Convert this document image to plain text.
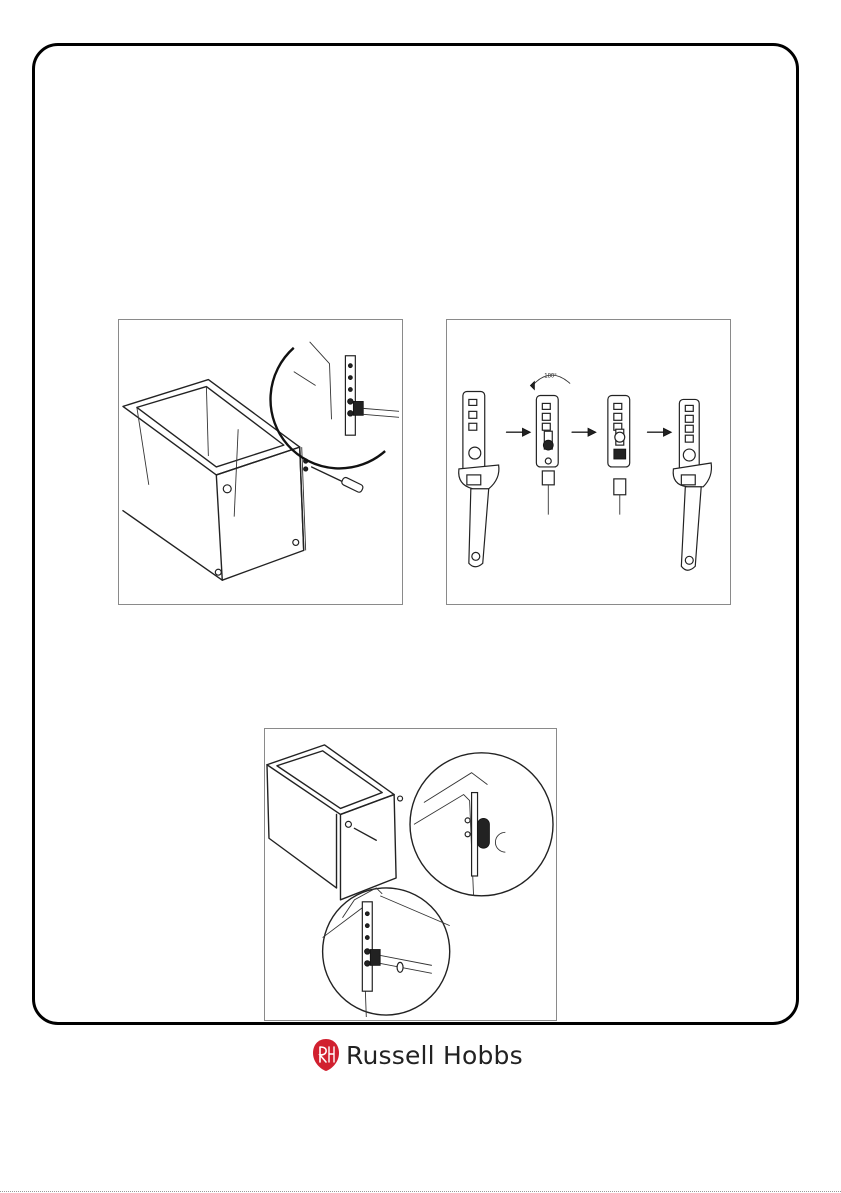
180°
Russell Hobbs
